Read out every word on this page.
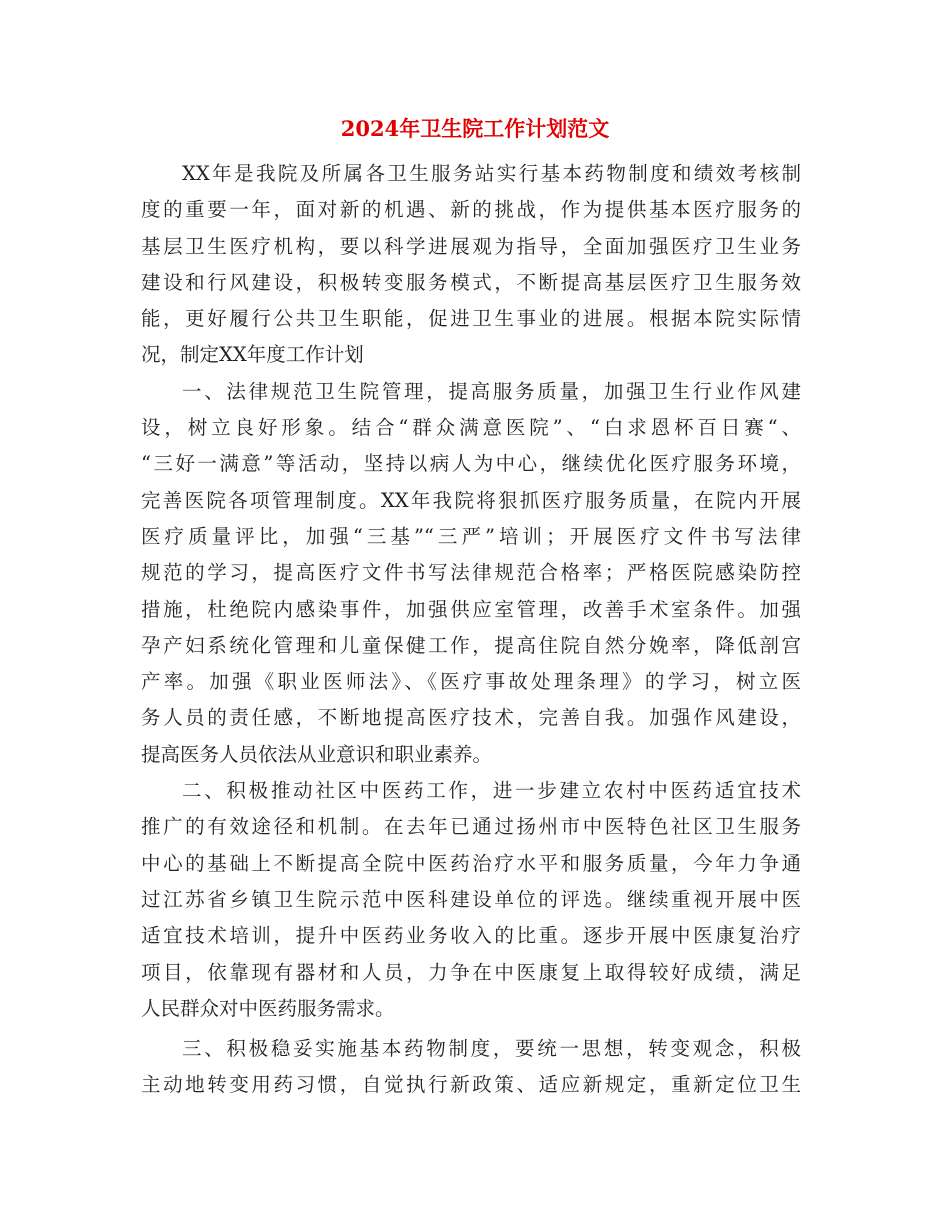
2024年卫生院工作计划范文
XX年是我院及所属各卫生服务站实行基本药物制度和绩效考核制
度的重要一年，面对新的机遇、新的挑战，作为提供基本医疗服务的
基层卫生医疗机构，要以科学进展观为指导，全面加强医疗卫生业务
建设和行风建设，积极转变服务模式，不断提高基层医疗卫生服务效
能，更好履行公共卫生职能，促进卫生事业的进展。根据本院实际情
况，制定XX年度工作计划
一、法律规范卫生院管理，提高服务质量，加强卫生行业作风建
设，树立良好形象。结合“群众满意医院”、“白求恩杯百日赛“、
“三好一满意”等活动，坚持以病人为中心，继续优化医疗服务环境，
完善医院各项管理制度。XX年我院将狠抓医疗服务质量，在院内开展
医疗质量评比，加强“三基”“三严”培训；开展医疗文件书写法律
规范的学习，提高医疗文件书写法律规范合格率；严格医院感染防控
措施，杜绝院内感染事件，加强供应室管理，改善手术室条件。加强
孕产妇系统化管理和儿童保健工作，提高住院自然分娩率，降低剖宫
产率。加强《职业医师法》、《医疗事故处理条理》的学习，树立医
务人员的责任感，不断地提高医疗技术，完善自我。加强作风建设，
提高医务人员依法从业意识和职业素养。
二、积极推动社区中医药工作，进一步建立农村中医药适宜技术
推广的有效途径和机制。在去年已通过扬州市中医特色社区卫生服务
中心的基础上不断提高全院中医药治疗水平和服务质量，今年力争通
过江苏省乡镇卫生院示范中医科建设单位的评选。继续重视开展中医
适宜技术培训，提升中医药业务收入的比重。逐步开展中医康复治疗
项目，依靠现有器材和人员，力争在中医康复上取得较好成绩，满足
人民群众对中医药服务需求。
三、积极稳妥实施基本药物制度，要统一思想，转变观念，积极
主动地转变用药习惯，自觉执行新政策、适应新规定，重新定位卫生
